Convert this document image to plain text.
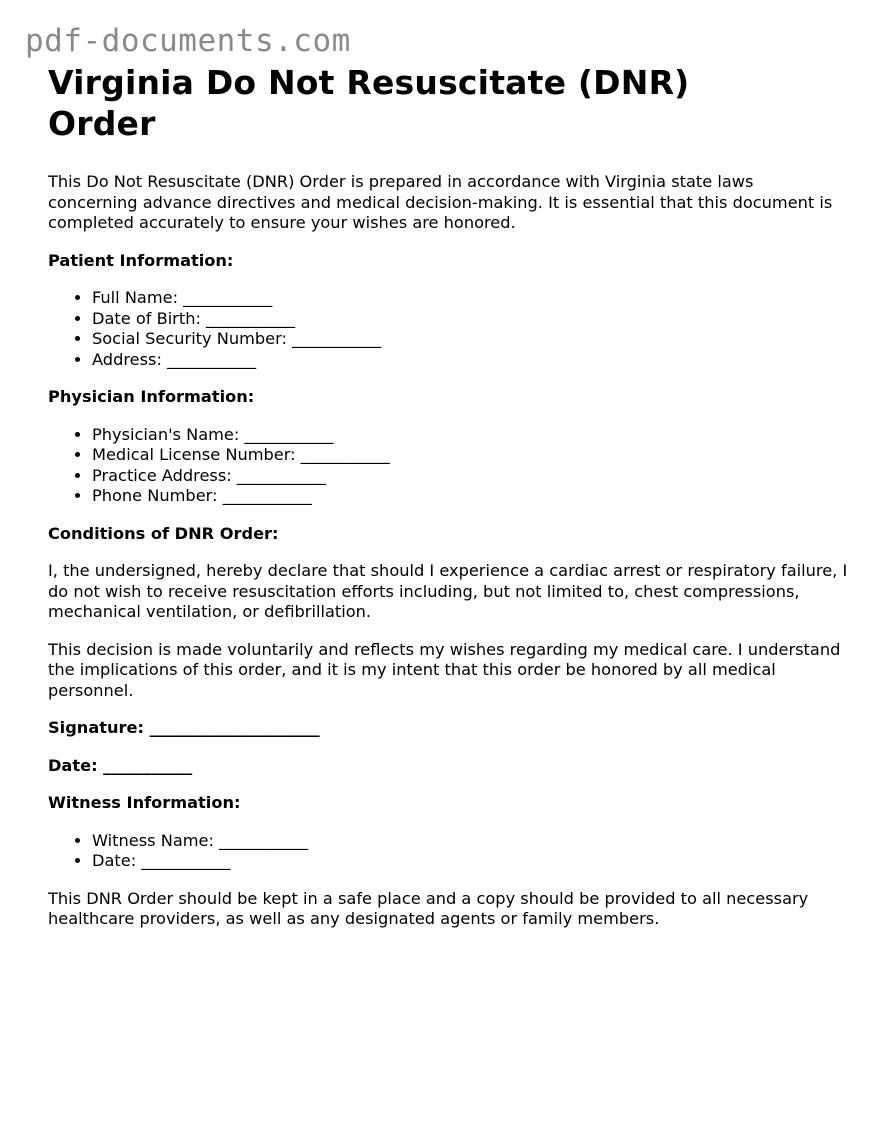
pdf-documents.com
Virginia Do Not Resuscitate (DNR)
Order

This Do Not Resuscitate (DNR) Order is prepared in accordance with Virginia state laws concerning advance directives and medical decision-making. It is essential that this document is completed accurately to ensure your wishes are honored.

Patient Information:

• Full Name: ___________
• Date of Birth: ___________
• Social Security Number: ___________
• Address: ___________

Physician Information:

• Physician's Name: ___________
• Medical License Number: ___________
• Practice Address: ___________
• Phone Number: ___________

Conditions of DNR Order:

I, the undersigned, hereby declare that should I experience a cardiac arrest or respiratory failure, I do not wish to receive resuscitation efforts including, but not limited to, chest compressions, mechanical ventilation, or defibrillation.

This decision is made voluntarily and reflects my wishes regarding my medical care. I understand the implications of this order, and it is my intent that this order be honored by all medical personnel.

Signature: _____________________

Date: ___________

Witness Information:

• Witness Name: ___________
• Date: ___________

This DNR Order should be kept in a safe place and a copy should be provided to all necessary healthcare providers, as well as any designated agents or family members.
